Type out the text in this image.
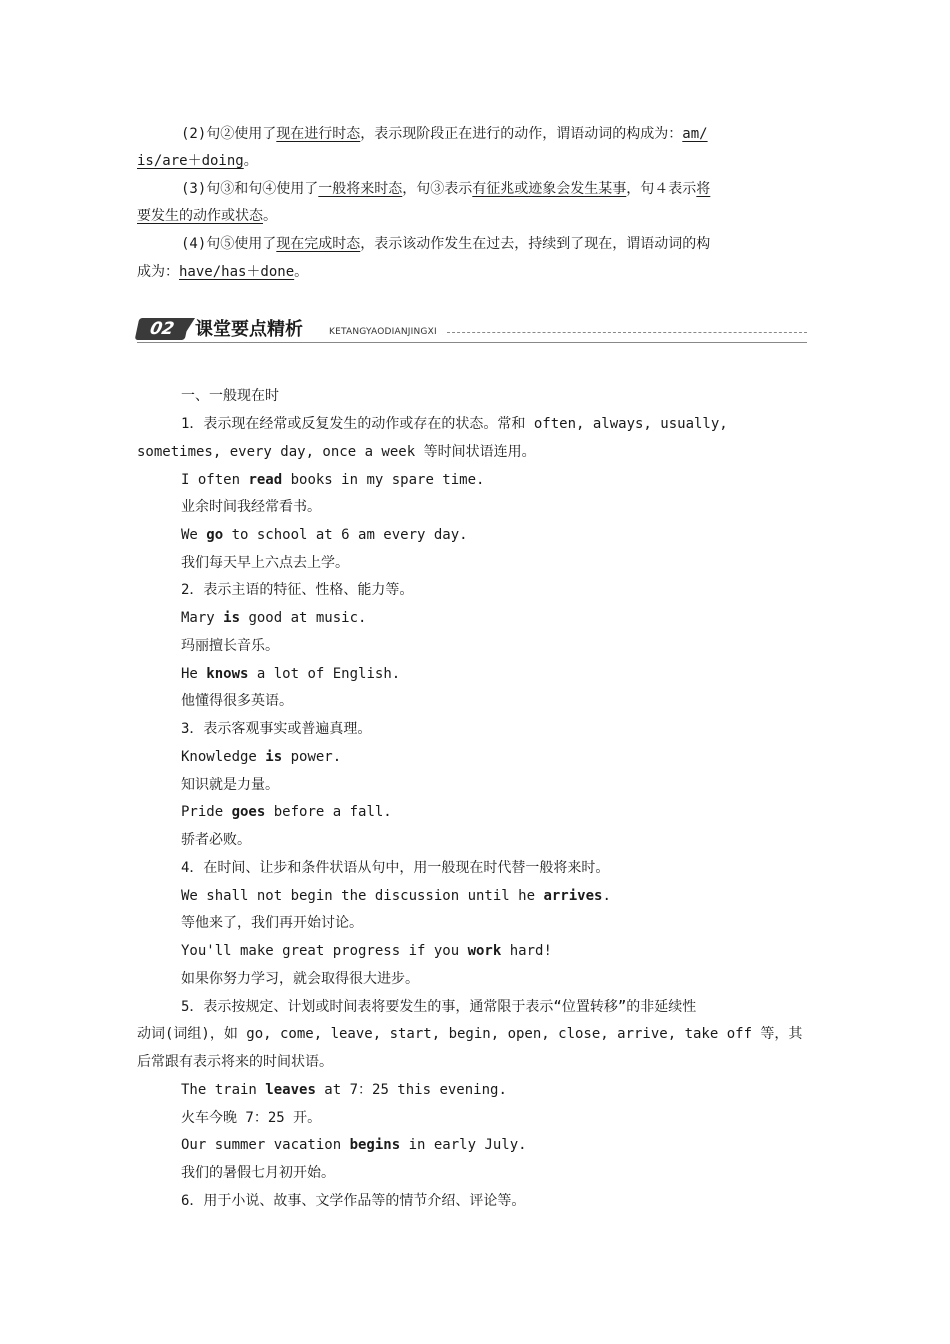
(2)句②使用了现在进行时态，表示现阶段正在进行的动作，谓语动词的构成为：am/
is/are＋doing。
(3)句③和句④使用了一般将来时态，句③表示有征兆或迹象会发生某事，句４表示将
要发生的动作或状态。
(4)句⑤使用了现在完成时态，表示该动作发生在过去，持续到了现在，谓语动词的构
成为：have/has＋done。
02	课堂要点精析	KETANGYAODIANJINGXI
一、一般现在时
1．表示现在经常或反复发生的动作或存在的状态。常和 often, always, usually,
sometimes, every day, once a week 等时间状语连用。
I often read books in my spare time.
业余时间我经常看书。
We go to school at 6 am every day.
我们每天早上六点去上学。
2．表示主语的特征、性格、能力等。
Mary is good at music.
玛丽擅长音乐。
He knows a lot of English.
他懂得很多英语。
3．表示客观事实或普遍真理。
Knowledge is power.
知识就是力量。
Pride goes before a fall.
骄者必败。
4．在时间、让步和条件状语从句中，用一般现在时代替一般将来时。
We shall not begin the discussion until he arrives.
等他来了，我们再开始讨论。
You'll make great progress if you work hard!
如果你努力学习，就会取得很大进步。
5．表示按规定、计划或时间表将要发生的事，通常限于表示“位置转移”的非延续性
动词(词组)，如 go, come, leave, start, begin, open, close, arrive, take off 等，其
后常跟有表示将来的时间状语。
The train leaves at 7：25 this evening.
火车今晚 7：25 开。
Our summer vacation begins in early July.
我们的暑假七月初开始。
6．用于小说、故事、文学作品等的情节介绍、评论等。
